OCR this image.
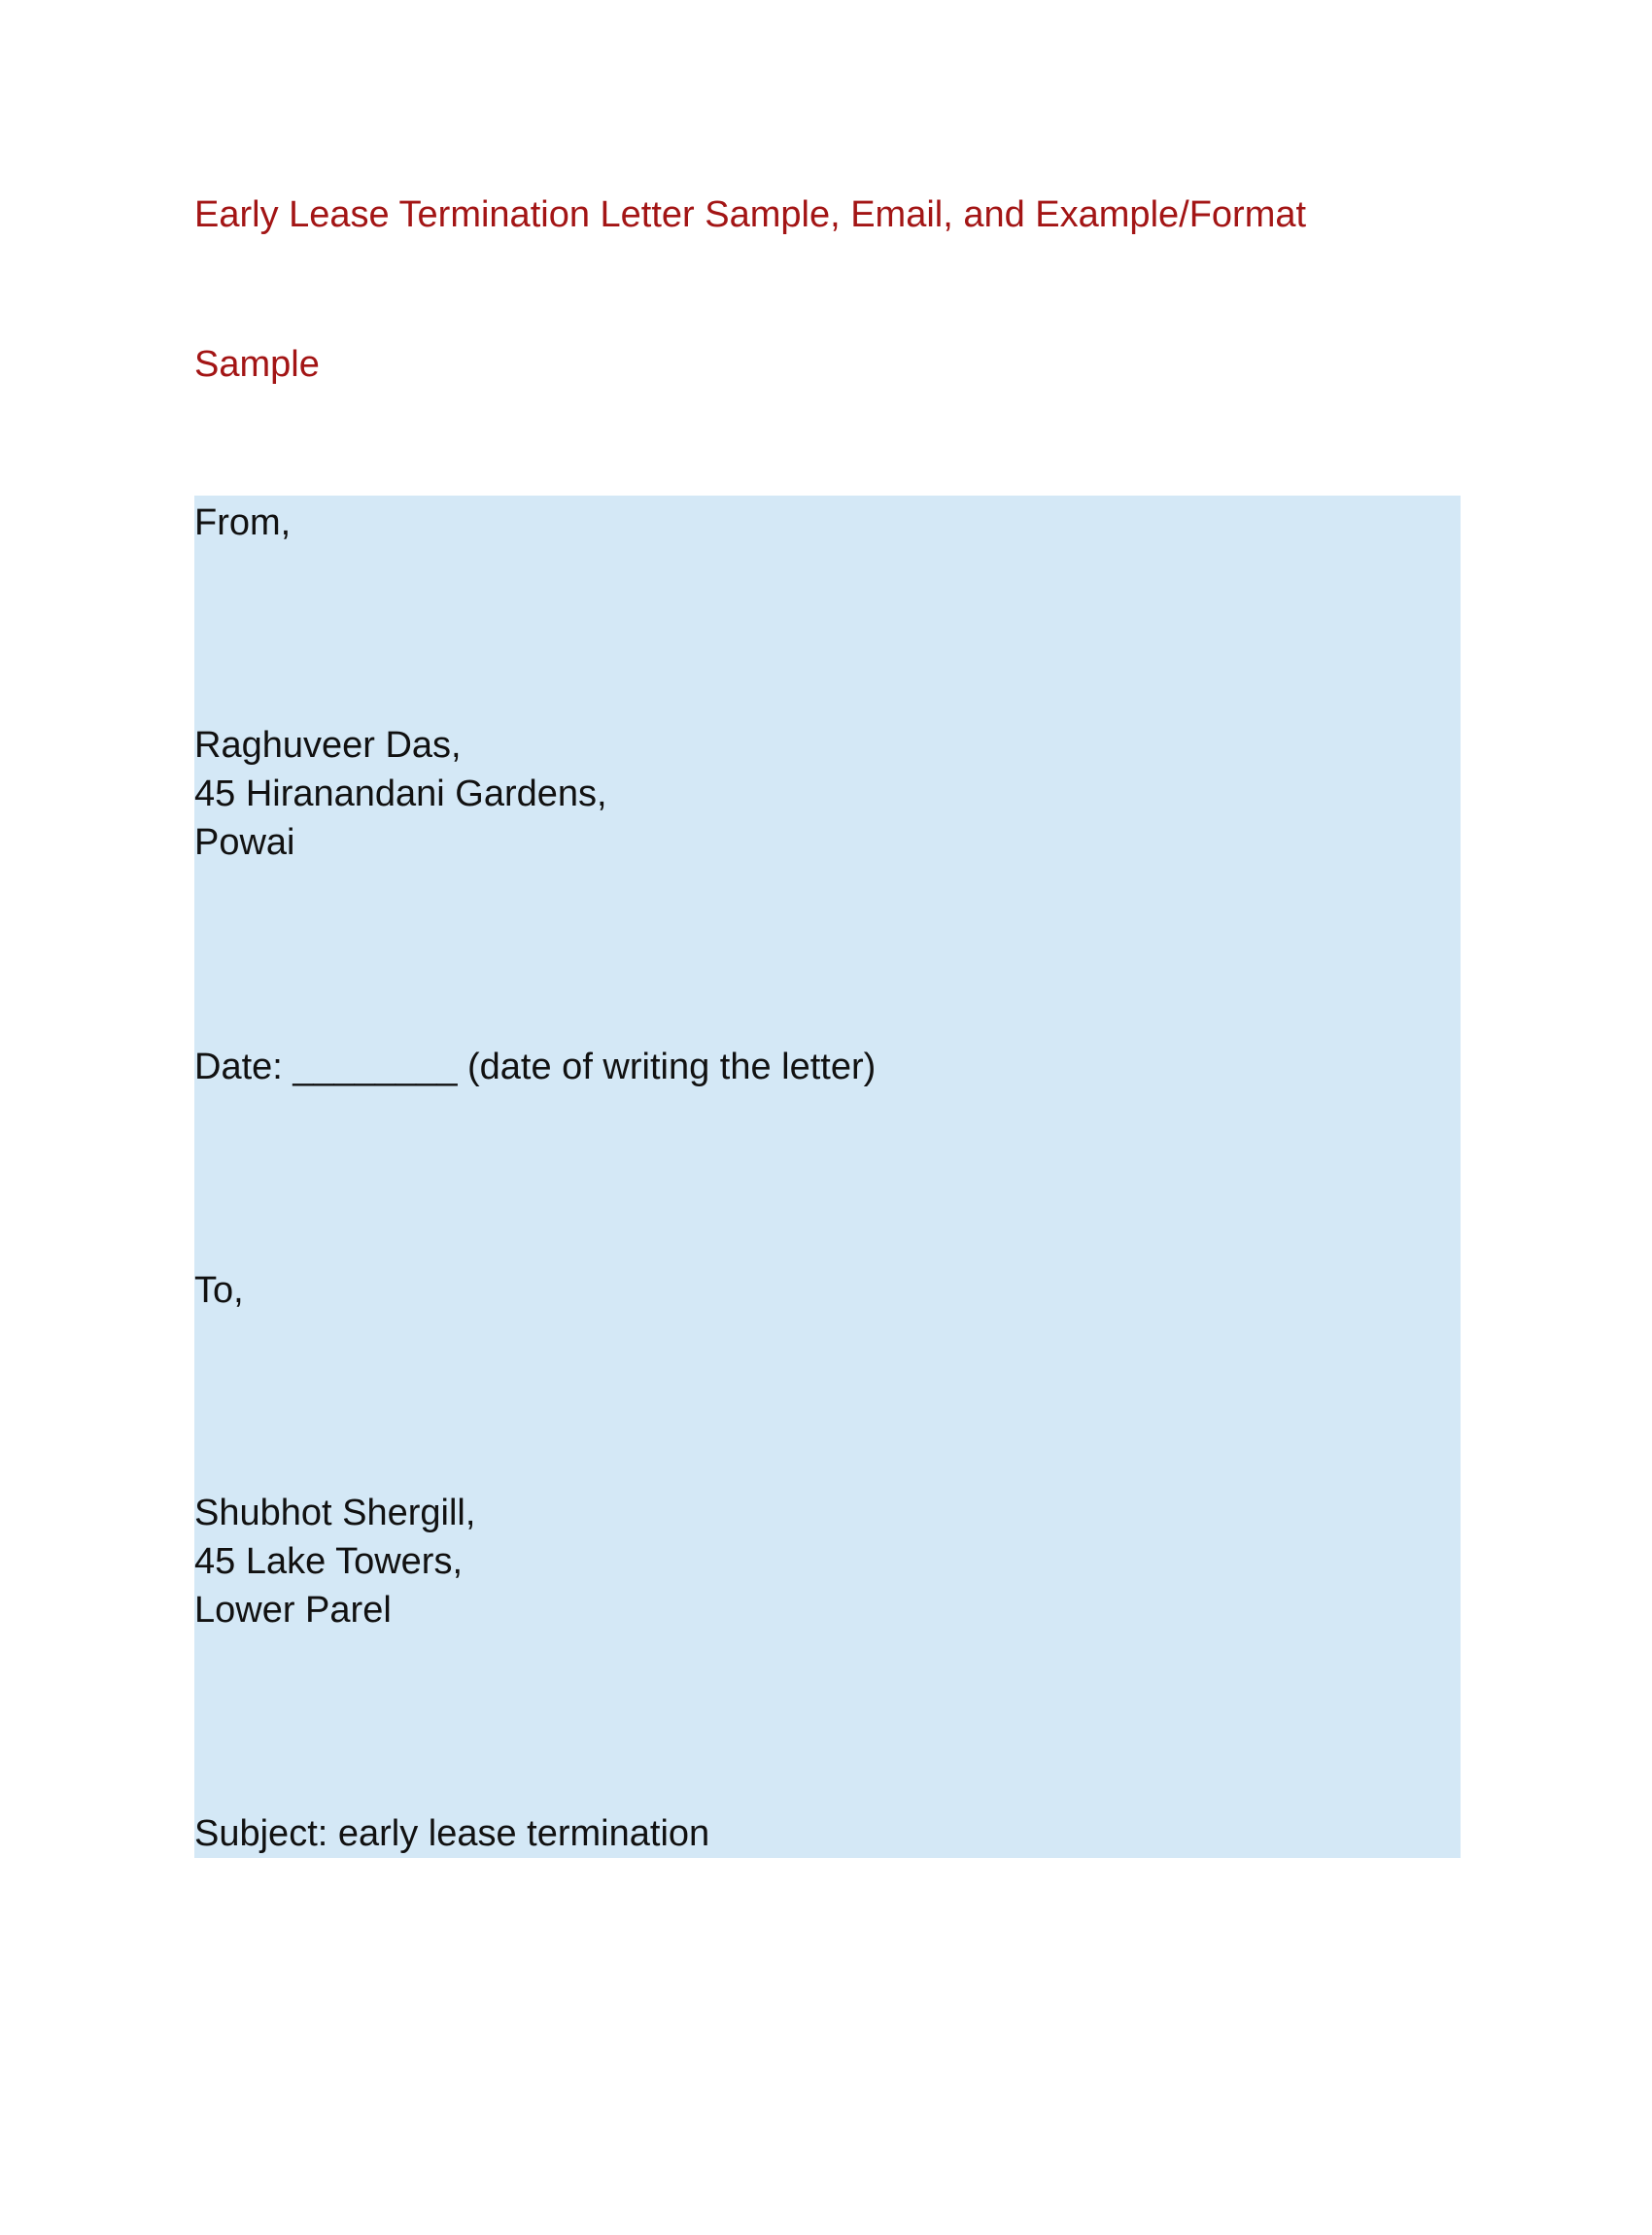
Early Lease Termination Letter Sample, Email, and Example/Format
Sample
From,
Raghuveer Das,
45 Hiranandani Gardens,
Powai
Date: ________ (date of writing the letter)
To,
Shubhot Shergill,
45 Lake Towers,
Lower Parel
Subject: early lease termination
